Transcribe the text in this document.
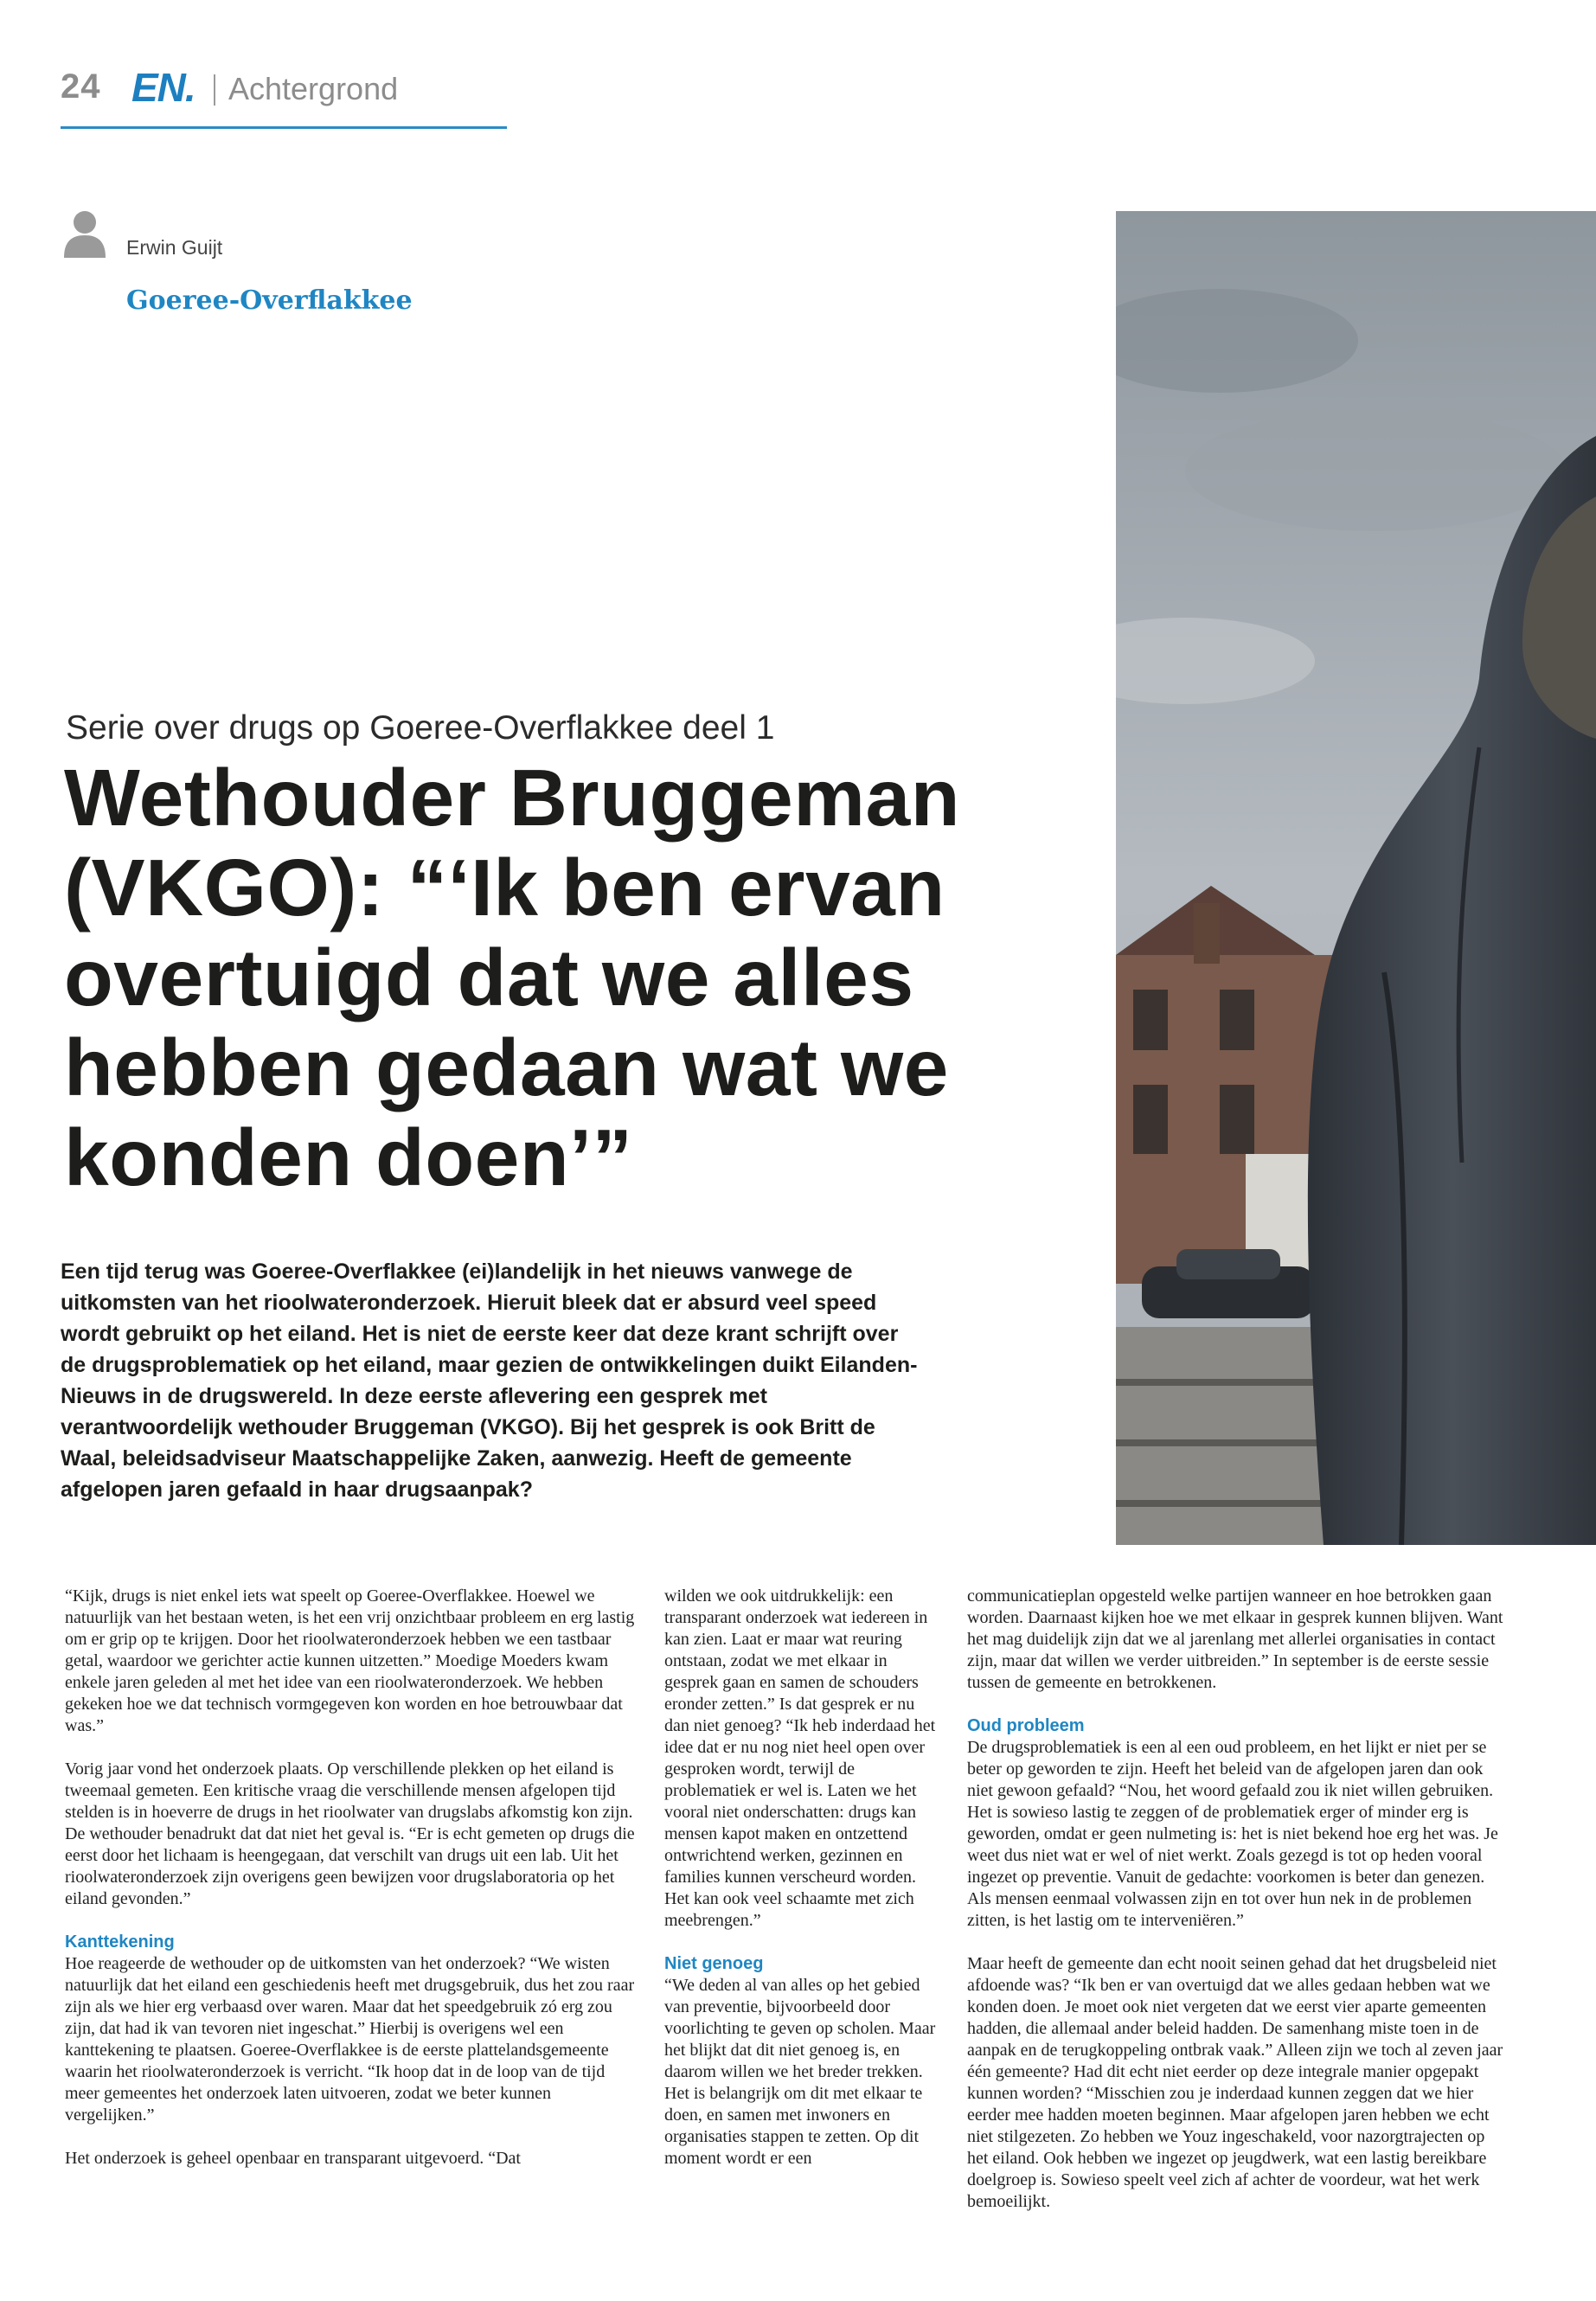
24 EN. Achtergrond
Erwin Guijt
Goeree-Overflakkee
Serie over drugs op Goeree-Overflakkee deel 1
Wethouder Bruggeman (VKGO): “‘Ik ben ervan overtuigd dat we alles hebben gedaan wat we konden doen’”

Een tijd terug was Goeree-Overflakkee (ei)landelijk in het nieuws vanwege de uitkomsten van het rioolwateronderzoek. Hieruit bleek dat er absurd veel speed wordt gebruikt op het eiland. Het is niet de eerste keer dat deze krant schrijft over de drugsproblematiek op het eiland, maar gezien de ontwikkelingen duikt Eilanden-Nieuws in de drugswereld. In deze eerste aflevering een gesprek met verantwoordelijk wethouder Bruggeman (VKGO). Bij het gesprek is ook Britt de Waal, beleidsadviseur Maatschappelijke Zaken, aanwezig. Heeft de gemeente afgelopen jaren gefaald in haar drugsaanpak?

“Kijk, drugs is niet enkel iets wat speelt op Goeree-Overflakkee. Hoewel we natuurlijk van het bestaan weten, is het een vrij onzichtbaar probleem en erg lastig om er grip op te krijgen. Door het rioolwateronderzoek hebben we een tastbaar getal, waardoor we gerichter actie kunnen uitzetten.” Moedige Moeders kwam enkele jaren geleden al met het idee van een rioolwateronderzoek. We hebben gekeken hoe we dat technisch vormgegeven kon worden en hoe betrouwbaar dat was.”

Vorig jaar vond het onderzoek plaats. Op verschillende plekken op het eiland is tweemaal gemeten. Een kritische vraag die verschillende mensen afgelopen tijd stelden is in hoeverre de drugs in het rioolwater van drugslabs afkomstig kon zijn. De wethouder benadrukt dat dat niet het geval is. “Er is echt gemeten op drugs die eerst door het lichaam is heengegaan, dat verschilt van drugs uit een lab. Uit het rioolwateronderzoek zijn overigens geen bewijzen voor drugslaboratoria op het eiland gevonden.”

Kanttekening

Hoe reageerde de wethouder op de uitkomsten van het onderzoek? “We wisten natuurlijk dat het eiland een geschiedenis heeft met drugsgebruik, dus het zou raar zijn als we hier erg verbaasd over waren. Maar dat het speedgebruik zó erg zou zijn, dat had ik van tevoren niet ingeschat.” Hierbij is overigens wel een kanttekening te plaatsen. Goeree-Overflakkee is de eerste plattelandsgemeente waarin het rioolwateronderzoek is verricht. “Ik hoop dat in de loop van de tijd meer gemeentes het onderzoek laten uitvoeren, zodat we beter kunnen vergelijken.”

Het onderzoek is geheel openbaar en transparant uitgevoerd. “Dat

wilden we ook uitdrukkelijk: een transparant onderzoek wat iedereen in kan zien. Laat er maar wat reuring ontstaan, zodat we met elkaar in gesprek gaan en samen de schouders eronder zetten.” Is dat gesprek er nu dan niet genoeg? “Ik heb inderdaad het idee dat er nu nog niet heel open over gesproken wordt, terwijl de problematiek er wel is. Laten we het vooral niet onderschatten: drugs kan mensen kapot maken en ontzettend ontwrichtend werken, gezinnen en families kunnen verscheurd worden. Het kan ook veel schaamte met zich meebrengen.”

Niet genoeg

“We deden al van alles op het gebied van preventie, bijvoorbeeld door voorlichting te geven op scholen. Maar het blijkt dat dit niet genoeg is, en daarom willen we het breder trekken. Het is belangrijk om dit met elkaar te doen, en samen met inwoners en organisaties stappen te zetten. Op dit moment wordt er een

communicatieplan opgesteld welke partijen wanneer en hoe betrokken gaan worden. Daarnaast kijken hoe we met elkaar in gesprek kunnen blijven. Want het mag duidelijk zijn dat we al jarenlang met allerlei organisaties in contact zijn, maar dat willen we verder uitbreiden.” In september is de eerste sessie tussen de gemeente en betrokkenen.

Oud probleem

De drugsproblematiek is een al een oud probleem, en het lijkt er niet per se beter op geworden te zijn. Heeft het beleid van de afgelopen jaren dan ook niet gewoon gefaald? “Nou, het woord gefaald zou ik niet willen gebruiken. Het is sowieso lastig te zeggen of de problematiek erger of minder erg is geworden, omdat er geen nulmeting is: het is niet bekend hoe erg het was. Je weet dus niet wat er wel of niet werkt. Zoals gezegd is tot op heden vooral ingezet op preventie. Vanuit de gedachte: voorkomen is beter dan genezen. Als mensen eenmaal volwassen zijn en tot over hun nek in de problemen zitten, is het lastig om te interveniëren.”

Maar heeft de gemeente dan echt nooit seinen gehad dat het drugsbeleid niet afdoende was? “Ik ben er van overtuigd dat we alles gedaan hebben wat we konden doen. Je moet ook niet vergeten dat we eerst vier aparte gemeenten hadden, die allemaal ander beleid hadden. De samenhang miste toen in de aanpak en de terugkoppeling ontbrak vaak.” Alleen zijn we toch al zeven jaar één gemeente? Had dit echt niet eerder op deze integrale manier opgepakt kunnen worden? “Misschien zou je inderdaad kunnen zeggen dat we hier eerder mee hadden moeten beginnen. Maar afgelopen jaren hebben we echt niet stilgezeten. Zo hebben we Youz ingeschakeld, voor nazorgtrajecten op het eiland. Ook hebben we ingezet op jeugdwerk, wat een lastig bereikbare doelgroep is. Sowieso speelt veel zich af achter de voordeur, wat het werk bemoeilijkt.
